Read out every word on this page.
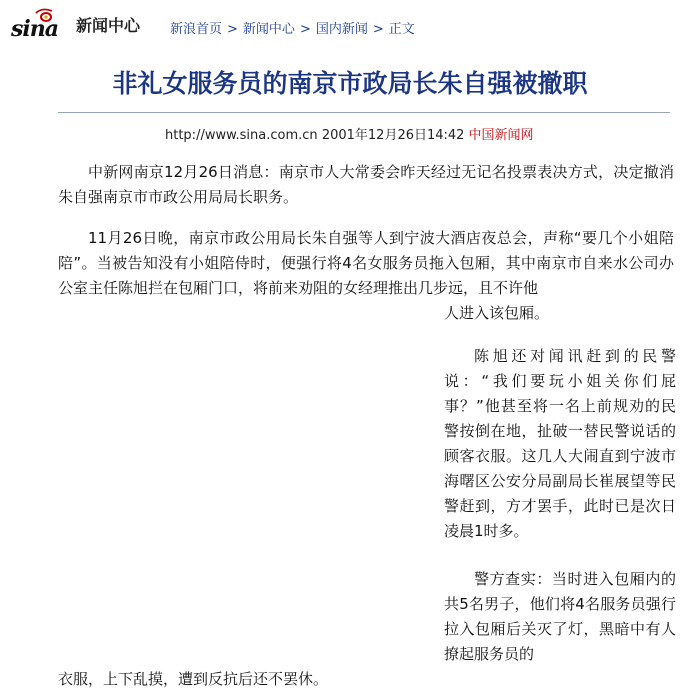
sina 新闻中心 新浪首页 > 新闻中心 > 国内新闻 > 正文
非礼女服务员的南京市政局长朱自强被撤职
http://www.sina.com.cn 2001年12月26日14:42 中国新闻网
中新网南京12月26日消息：南京市人大常委会昨天经过无记名投票表决方式，决定撤消朱自强南京市市政公用局局长职务。
11月26日晚，南京市政公用局长朱自强等人到宁波大酒店夜总会，声称“要几个小姐陪陪”。当被告知没有小姐陪侍时，便强行将4名女服务员拖入包厢，其中南京市自来水公司办公室主任陈旭拦在包厢门口，将前来劝阻的女经理推出几步远，且不许他
人进入该包厢。
陈旭还对闻讯赶到的民警说：“我们要玩小姐关你们屁事？”他甚至将一名上前规劝的民警按倒在地，扯破一替民警说话的顾客衣服。这几人大闹直到宁波市海曙区公安分局副局长崔展望等民警赶到，方才罢手，此时已是次日凌晨1时多。
警方查实：当时进入包厢内的共5名男子，他们将4名服务员强行拉入包厢后关灭了灯，黑暗中有人撩起服务员的
衣服，上下乱摸，遭到反抗后还不罢休。
